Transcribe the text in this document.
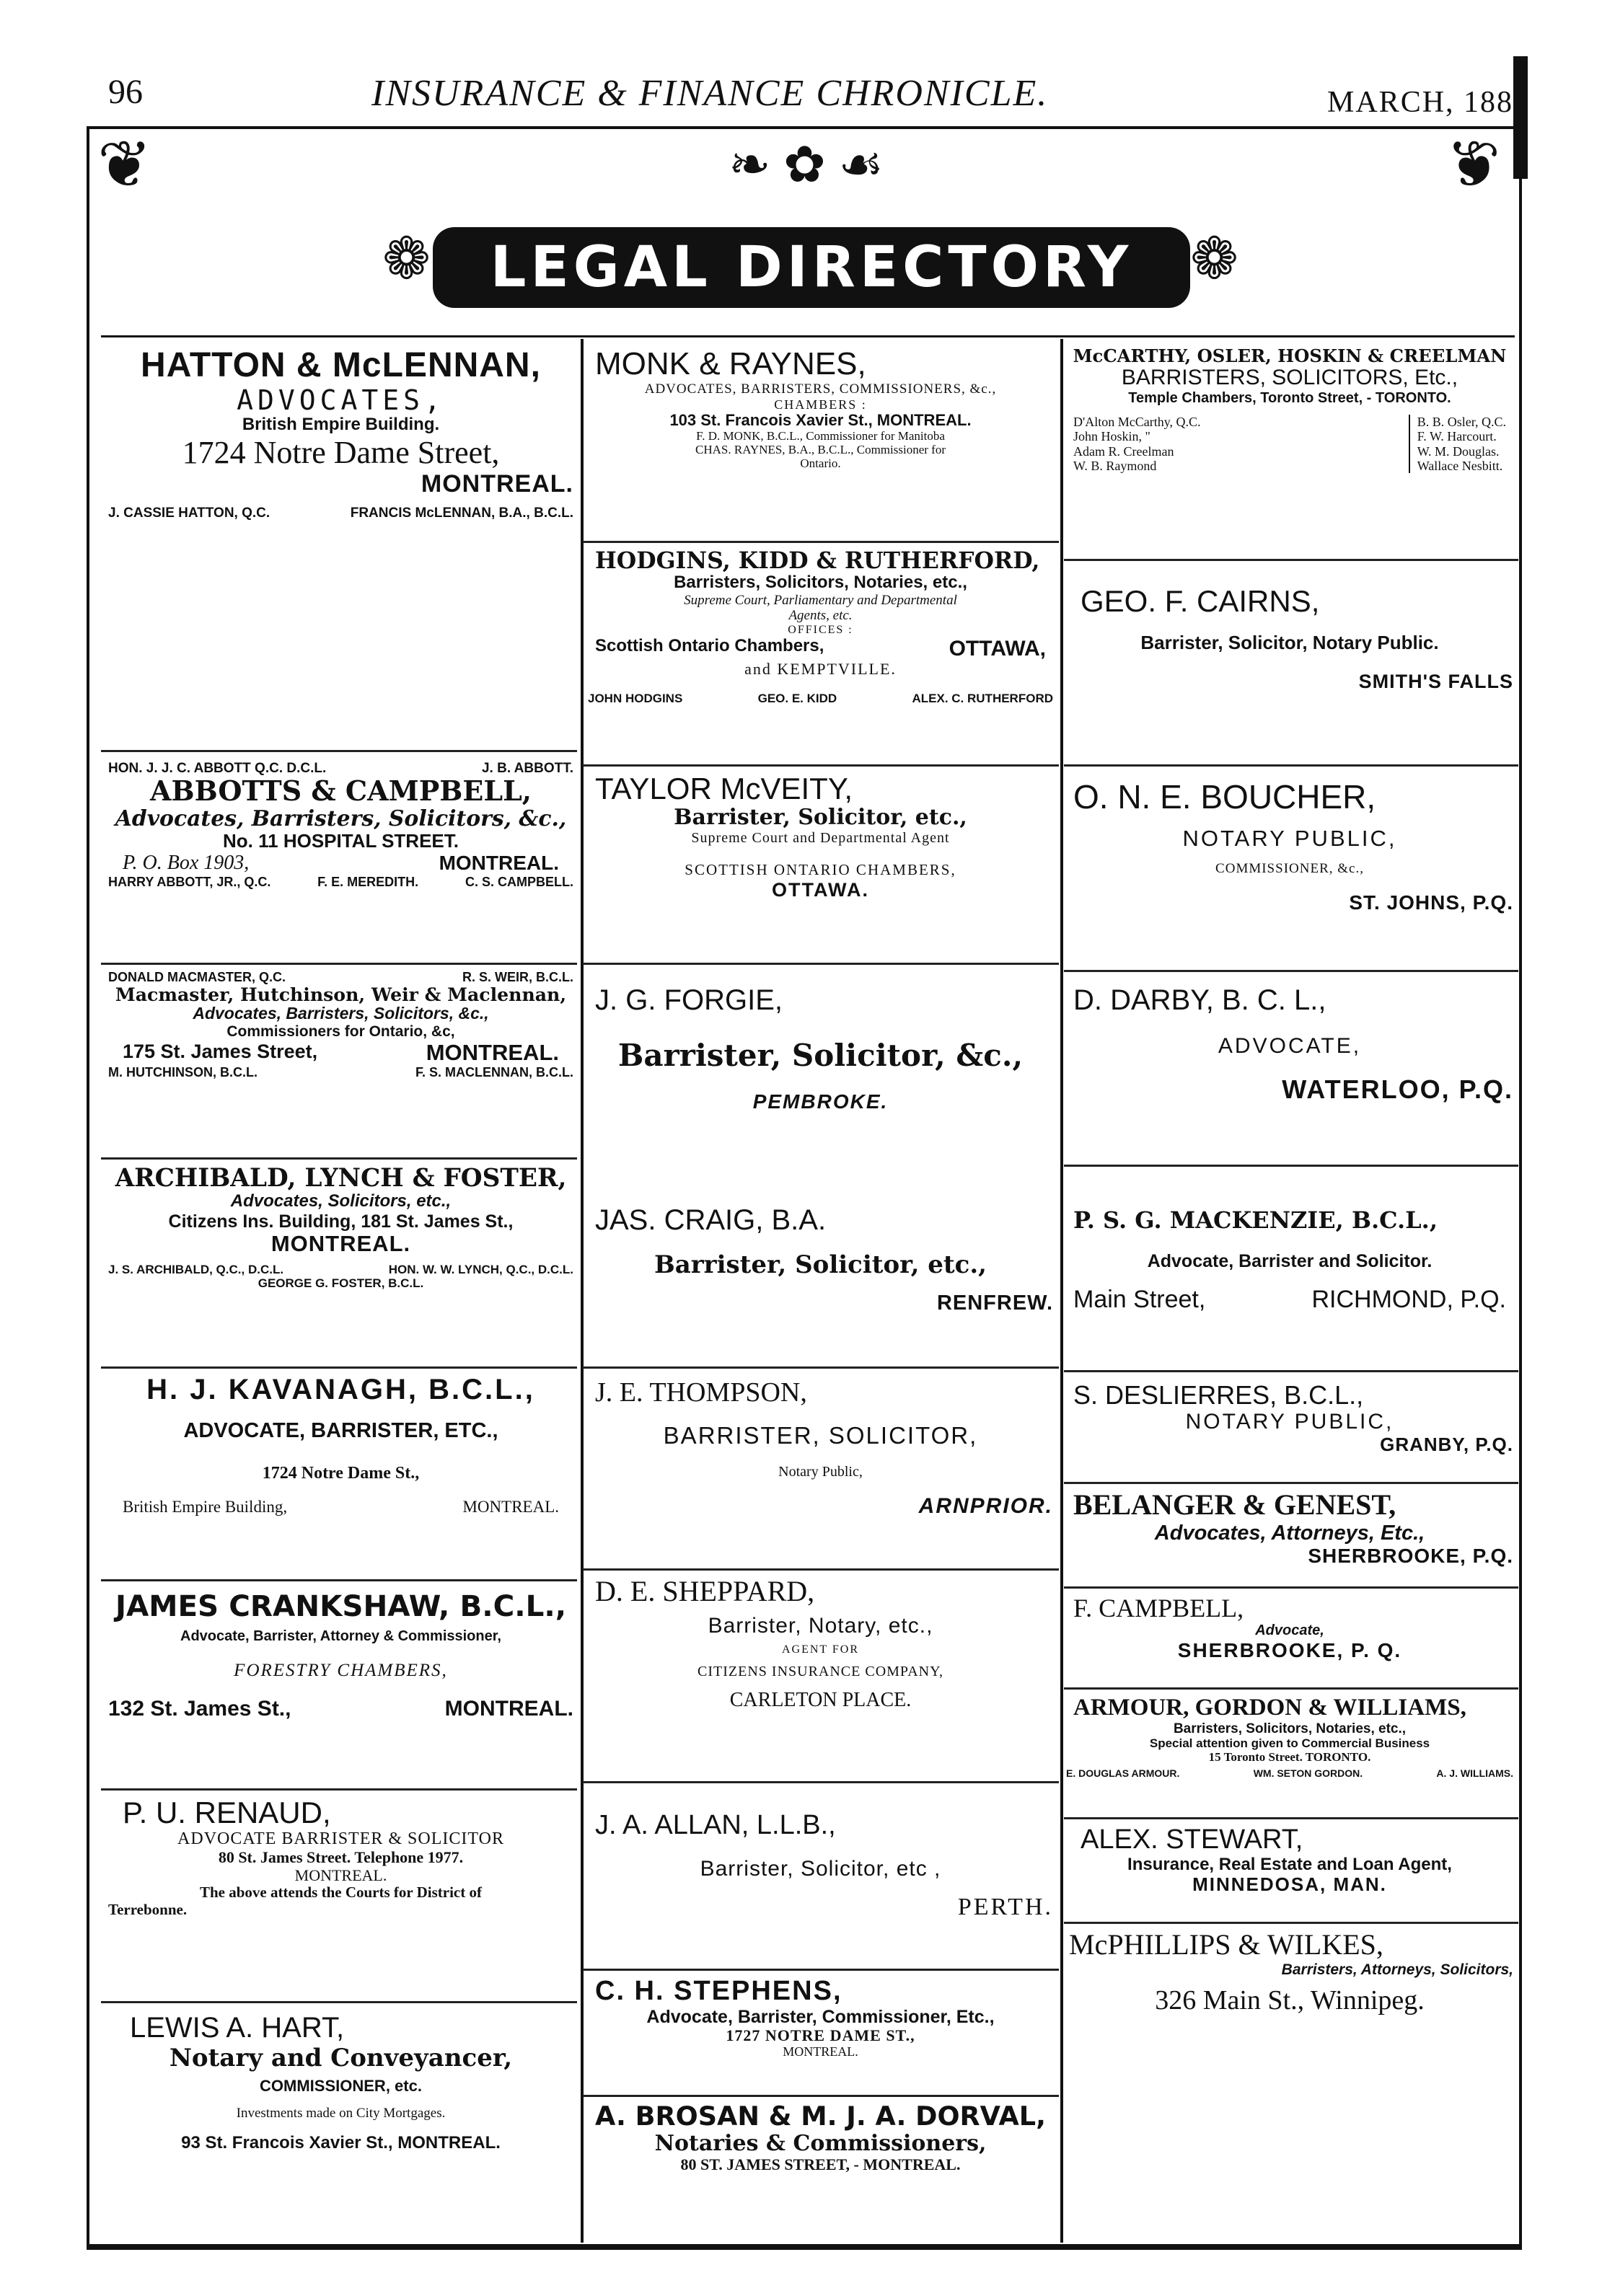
96	INSURANCE & FINANCE CHRONICLE.	MARCH, 188
❦	❦
❧ ✿ ☙
❁	❁
LEGAL DIRECTORY
HATTON & McLENNAN,
ADVOCATES,
British Empire Building.
1724 Notre Dame Street,
MONTREAL.
J. CASSIE HATTON, Q.C.	FRANCIS McLENNAN, B.A., B.C.L.
HON. J. J. C. ABBOTT Q.C. D.C.L.	J. B. ABBOTT.
ABBOTTS & CAMPBELL,
Advocates, Barristers, Solicitors, &c.,
No. 11 HOSPITAL STREET.
P. O. Box 1903,	MONTREAL.
HARRY ABBOTT, JR., Q.C.	F. E. MEREDITH.	C. S. CAMPBELL.
DONALD MACMASTER, Q.C.	R. S. WEIR, B.C.L.
Macmaster, Hutchinson, Weir & Maclennan,
Advocates, Barristers, Solicitors, &c.,
Commissioners for Ontario, &c,
175 St. James Street,	MONTREAL.
M. HUTCHINSON, B.C.L.	F. S. MACLENNAN, B.C.L.
ARCHIBALD, LYNCH & FOSTER,
Advocates, Solicitors, etc.,
Citizens Ins. Building, 181 St. James St.,
MONTREAL.
J. S. ARCHIBALD, Q.C., D.C.L.	HON. W. W. LYNCH, Q.C., D.C.L.
GEORGE G. FOSTER, B.C.L.
H. J. KAVANAGH, B.C.L.,
ADVOCATE, BARRISTER, ETC.,
1724 Notre Dame St.,
British Empire Building,	MONTREAL.
JAMES CRANKSHAW, B.C.L.,
Advocate, Barrister, Attorney & Commissioner,
FORESTRY CHAMBERS,
132 St. James St.,	MONTREAL.
P. U. RENAUD,
ADVOCATE BARRISTER & SOLICITOR
80 St. James Street. Telephone 1977.
MONTREAL.
The above attends the Courts for District of
Terrebonne.
LEWIS A. HART,
Notary and Conveyancer,
COMMISSIONER, etc.
Investments made on City Mortgages.
93 St. Francois Xavier St., MONTREAL.
MONK & RAYNES,
ADVOCATES, BARRISTERS, COMMISSIONERS, &c.,
CHAMBERS :
103 St. Francois Xavier St., MONTREAL.
F. D. MONK, B.C.L., Commissioner for Manitoba
CHAS. RAYNES, B.A., B.C.L., Commissioner for
Ontario.
HODGINS, KIDD & RUTHERFORD,
Barristers, Solicitors, Notaries, etc.,
Supreme Court, Parliamentary and Departmental
Agents, etc.
OFFICES :
Scottish Ontario Chambers,	OTTAWA,
and KEMPTVILLE.
JOHN HODGINS	GEO. E. KIDD	ALEX. C. RUTHERFORD
TAYLOR McVEITY,
Barrister, Solicitor, etc.,
Supreme Court and Departmental Agent
SCOTTISH ONTARIO CHAMBERS,
OTTAWA.
J. G. FORGIE,
Barrister, Solicitor, &c.,
PEMBROKE.
JAS. CRAIG, B.A.
Barrister, Solicitor, etc.,
RENFREW.
J. E. THOMPSON,
BARRISTER, SOLICITOR,
Notary Public,
ARNPRIOR.
D. E. SHEPPARD,
Barrister, Notary, etc.,
AGENT FOR
CITIZENS INSURANCE COMPANY,
CARLETON PLACE.
J. A. ALLAN, L.L.B.,
Barrister, Solicitor, etc ,
PERTH.
C. H. STEPHENS,
Advocate, Barrister, Commissioner, Etc.,
1727 NOTRE DAME ST.,
MONTREAL.
A. BROSAN & M. J. A. DORVAL,
Notaries & Commissioners,
80 ST. JAMES STREET, - MONTREAL.
McCARTHY, OSLER, HOSKIN & CREELMAN
BARRISTERS, SOLICITORS, Etc.,
Temple Chambers, Toronto Street, - TORONTO.
D'Alton McCarthy, Q.C.
John Hoskin, "
Adam R. Creelman
W. B. Raymond
B. B. Osler, Q.C.
F. W. Harcourt.
W. M. Douglas.
Wallace Nesbitt.
GEO. F. CAIRNS,
Barrister, Solicitor, Notary Public.
SMITH'S FALLS
O. N. E. BOUCHER,
NOTARY PUBLIC,
COMMISSIONER, &c.,
ST. JOHNS, P.Q.
D. DARBY, B. C. L.,
ADVOCATE,
WATERLOO, P.Q.
P. S. G. MACKENZIE, B.C.L.,
Advocate, Barrister and Solicitor.
Main Street,	RICHMOND, P.Q.
S. DESLIERRES, B.C.L.,
NOTARY PUBLIC,
GRANBY, P.Q.
BELANGER & GENEST,
Advocates, Attorneys, Etc.,
SHERBROOKE, P.Q.
F. CAMPBELL,
Advocate,
SHERBROOKE, P. Q.
ARMOUR, GORDON & WILLIAMS,
Barristers, Solicitors, Notaries, etc.,
Special attention given to Commercial Business
15 Toronto Street. TORONTO.
E. DOUGLAS ARMOUR.	WM. SETON GORDON.	A. J. WILLIAMS.
ALEX. STEWART,
Insurance, Real Estate and Loan Agent,
MINNEDOSA, MAN.
McPHILLIPS & WILKES,
Barristers, Attorneys, Solicitors,
326 Main St., Winnipeg.
